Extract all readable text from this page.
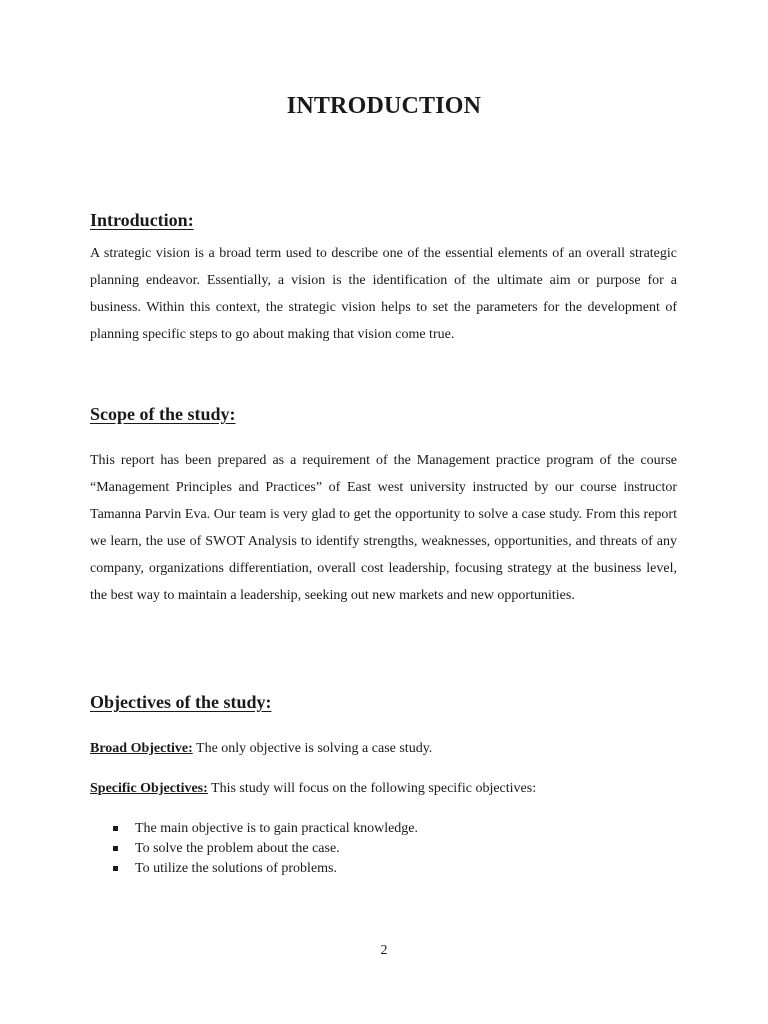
INTRODUCTION
Introduction:

A strategic vision is a broad term used to describe one of the essential elements of an overall strategic planning endeavor. Essentially, a vision is the identification of the ultimate aim or purpose for a business. Within this context, the strategic vision helps to set the parameters for the development of planning specific steps to go about making that vision come true.

Scope of the study:

This report has been prepared as a requirement of the Management practice program of the course “Management Principles and Practices” of East west university instructed by our course instructor Tamanna Parvin Eva. Our team is very glad to get the opportunity to solve a case study. From this report we learn, the use of SWOT Analysis to identify strengths, weaknesses, opportunities, and threats of any company, organizations differentiation, overall cost leadership, focusing strategy at the business level, the best way to maintain a leadership, seeking out new markets and new opportunities.

Objectives of the study:
Broad Objective: The only objective is solving a case study.
Specific Objectives: This study will focus on the following specific objectives:
The main objective is to gain practical knowledge.
To solve the problem about the case.
To utilize the solutions of problems.
2
